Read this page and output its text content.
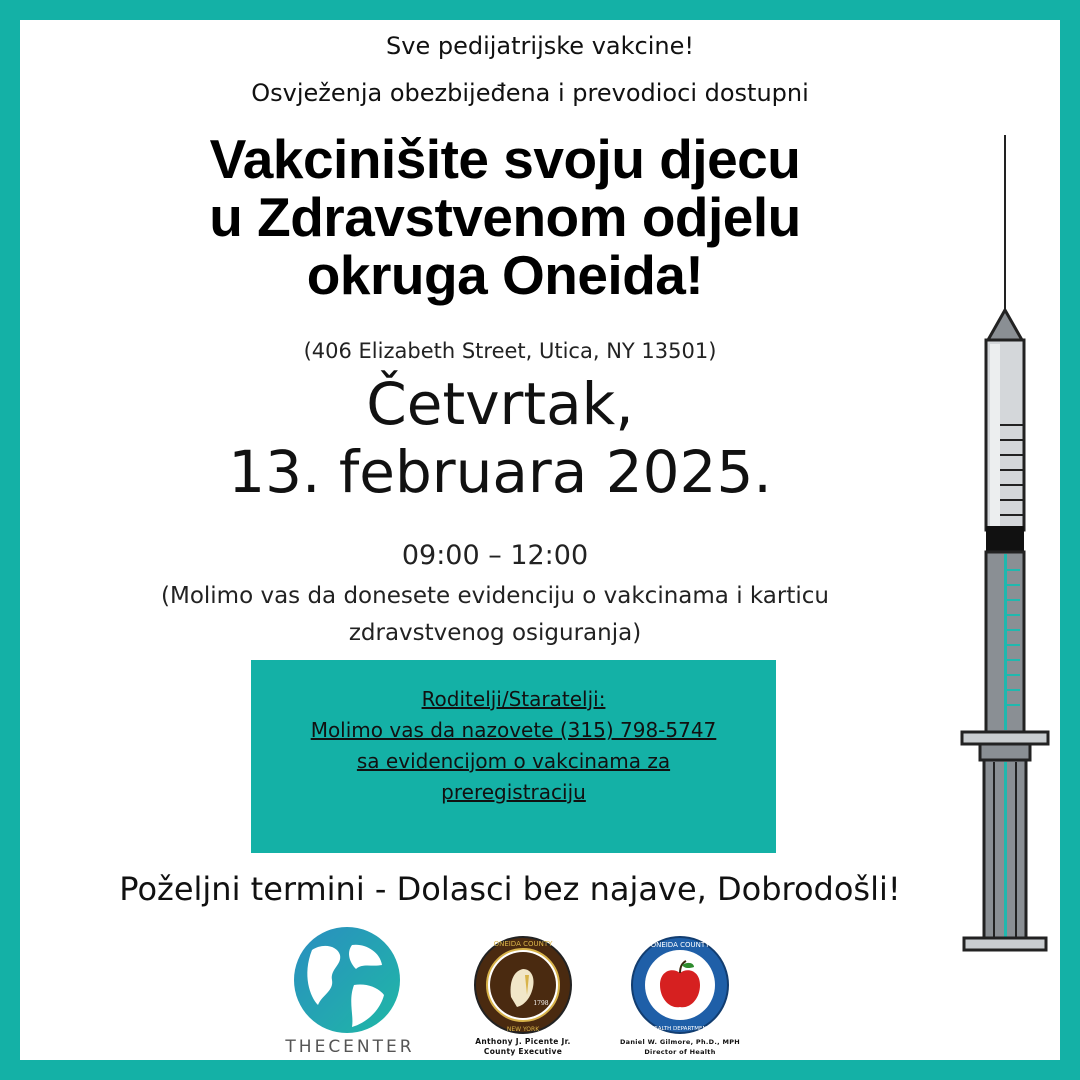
Sve pedijatrijske vakcine!
Osvježenja obezbijeđena i prevodioci dostupni
Vakcinišite svoju djecu
u Zdravstvenom odjelu
okruga Oneida!
(406 Elizabeth Street, Utica, NY 13501)
Četvrtak,
13. februara 2025.
09:00 – 12:00
(Molimo vas da donesete evidenciju o vakcinama i karticu
zdravstvenog osiguranja)
Roditelji/Staratelji:
Molimo vas da nazovete (315) 798-5747
sa evidencijom o vakcinama za
preregistraciju
Poželjni termini - Dolasci bez najave, Dobrodošli!
THECENTER
ONEIDA COUNTY
NEW YORK
1798
Anthony J. Picente Jr.
County Executive
ONEIDA COUNTY
HEALTH DEPARTMENT
Daniel W. Gilmore, Ph.D., MPH
Director of Health
